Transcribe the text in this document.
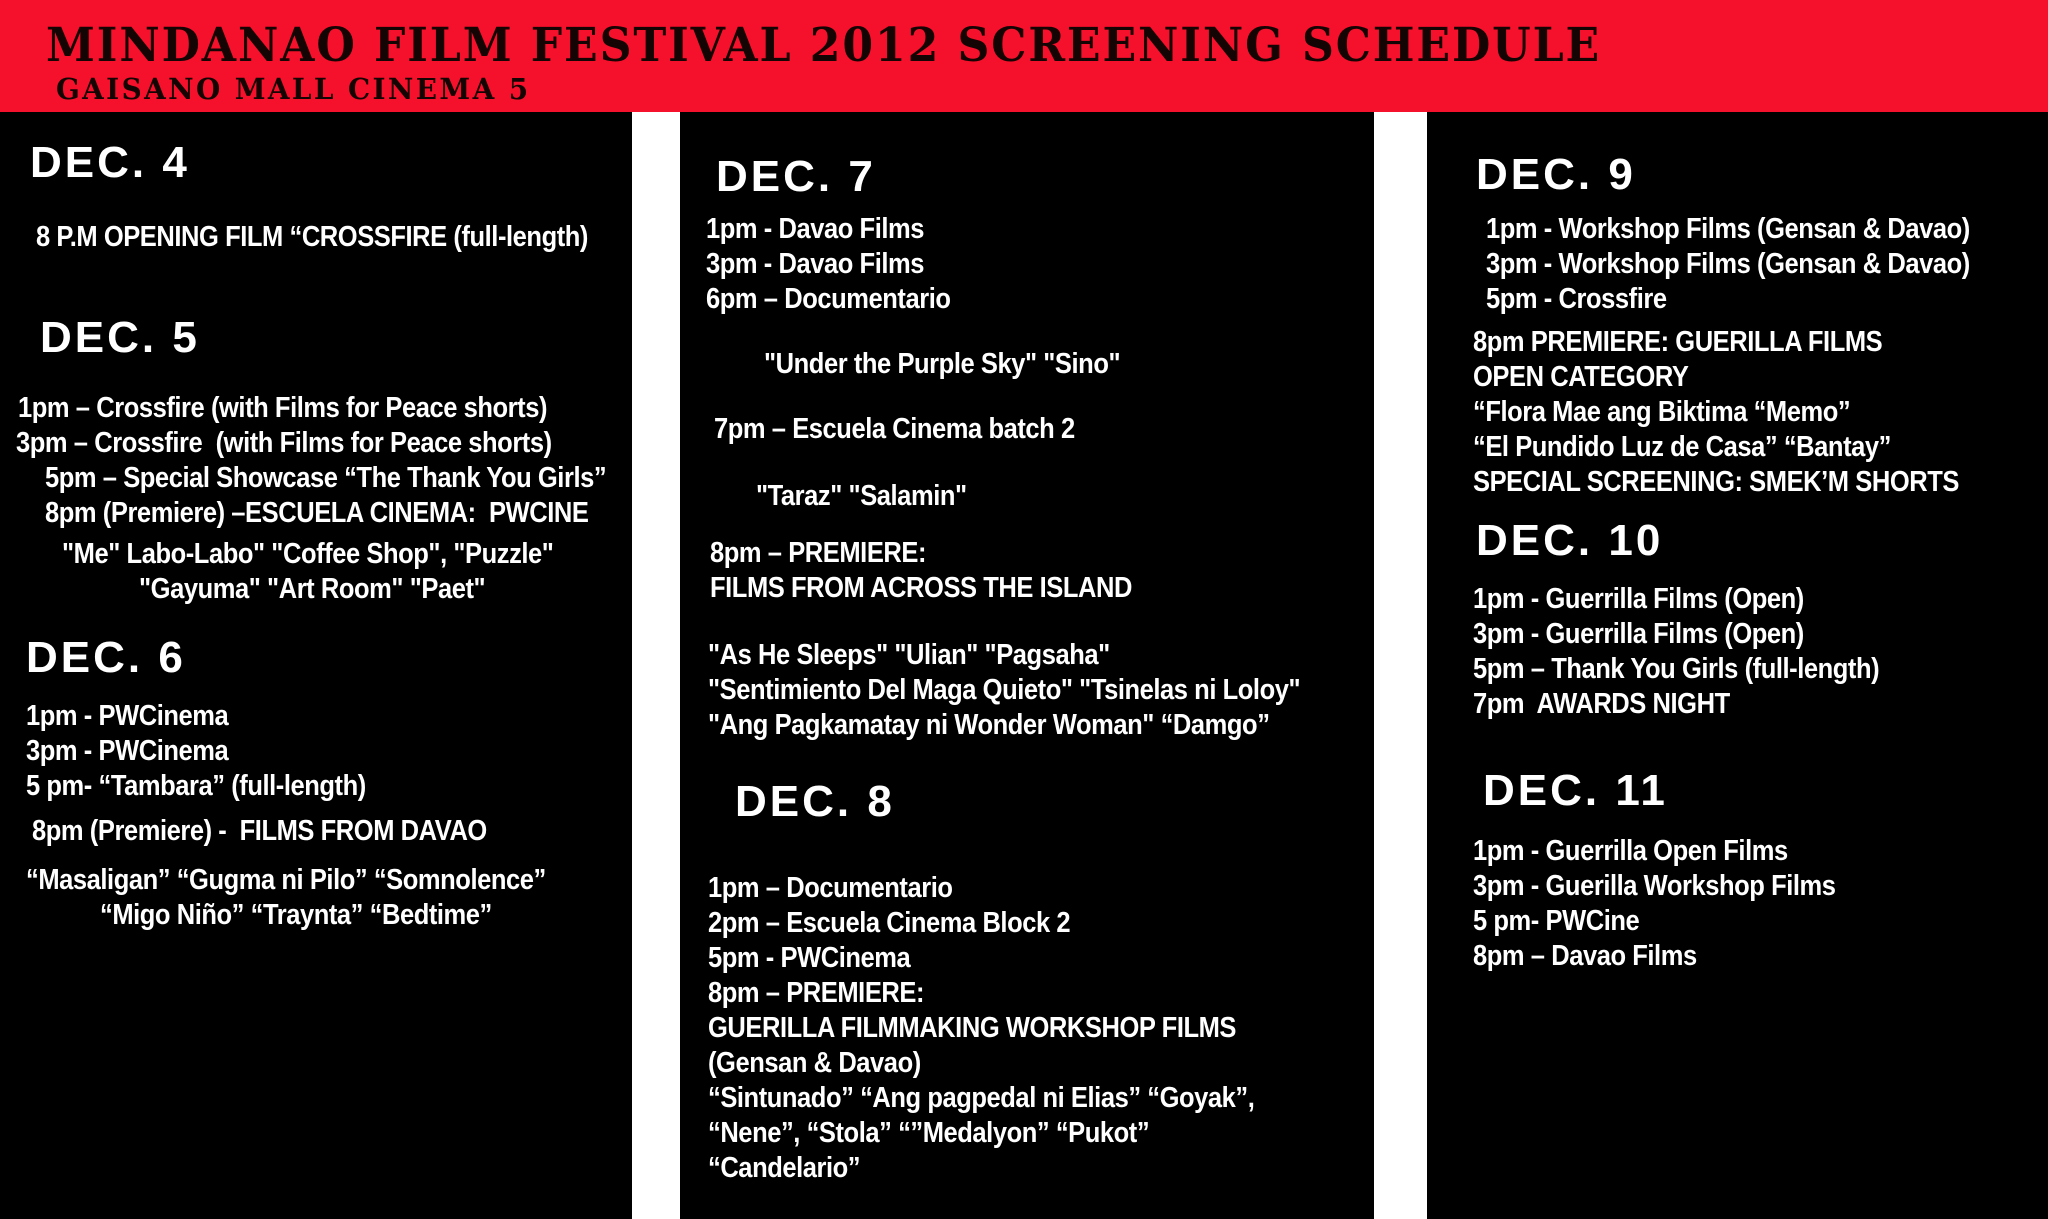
MINDANAO FILM FESTIVAL 2012 SCREENING SCHEDULE
GAISANO MALL CINEMA 5
DEC. 4
8 P.M OPENING FILM “CROSSFIRE (full-length)
DEC. 5
1pm – Crossfire (with Films for Peace shorts)
3pm – Crossfire  (with Films for Peace shorts)
5pm – Special Showcase “The Thank You Girls”
8pm (Premiere) –ESCUELA CINEMA:  PWCINE
"Me" Labo-Labo" "Coffee Shop", "Puzzle"
"Gayuma" "Art Room" "Paet"
DEC. 6
1pm - PWCinema
3pm - PWCinema
5 pm- “Tambara” (full-length)
8pm (Premiere) -  FILMS FROM DAVAO
“Masaligan” “Gugma ni Pilo” “Somnolence”
“Migo Niño” “Traynta” “Bedtime”
DEC. 7
1pm - Davao Films
3pm - Davao Films
6pm – Documentario
"Under the Purple Sky" "Sino"
7pm – Escuela Cinema batch 2
"Taraz" "Salamin"
8pm – PREMIERE:
FILMS FROM ACROSS THE ISLAND
"As He Sleeps" "Ulian" "Pagsaha"
"Sentimiento Del Maga Quieto" "Tsinelas ni Loloy"
"Ang Pagkamatay ni Wonder Woman" “Damgo”
DEC. 8
1pm – Documentario
2pm – Escuela Cinema Block 2
5pm - PWCinema
8pm – PREMIERE:
GUERILLA FILMMAKING WORKSHOP FILMS
(Gensan & Davao)
“Sintunado” “Ang pagpedal ni Elias” “Goyak”,
“Nene”, “Stola” “”Medalyon” “Pukot”
“Candelario”
DEC. 9
1pm - Workshop Films (Gensan & Davao)
3pm - Workshop Films (Gensan & Davao)
5pm - Crossfire
8pm PREMIERE: GUERILLA FILMS
OPEN CATEGORY
“Flora Mae ang Biktima “Memo”
“El Pundido Luz de Casa” “Bantay”
SPECIAL SCREENING: SMEK’M SHORTS
DEC. 10
1pm - Guerrilla Films (Open)
3pm - Guerrilla Films (Open)
5pm – Thank You Girls (full-length)
7pm  AWARDS NIGHT
DEC. 11
1pm - Guerrilla Open Films
3pm - Guerilla Workshop Films
5 pm- PWCine
8pm – Davao Films
